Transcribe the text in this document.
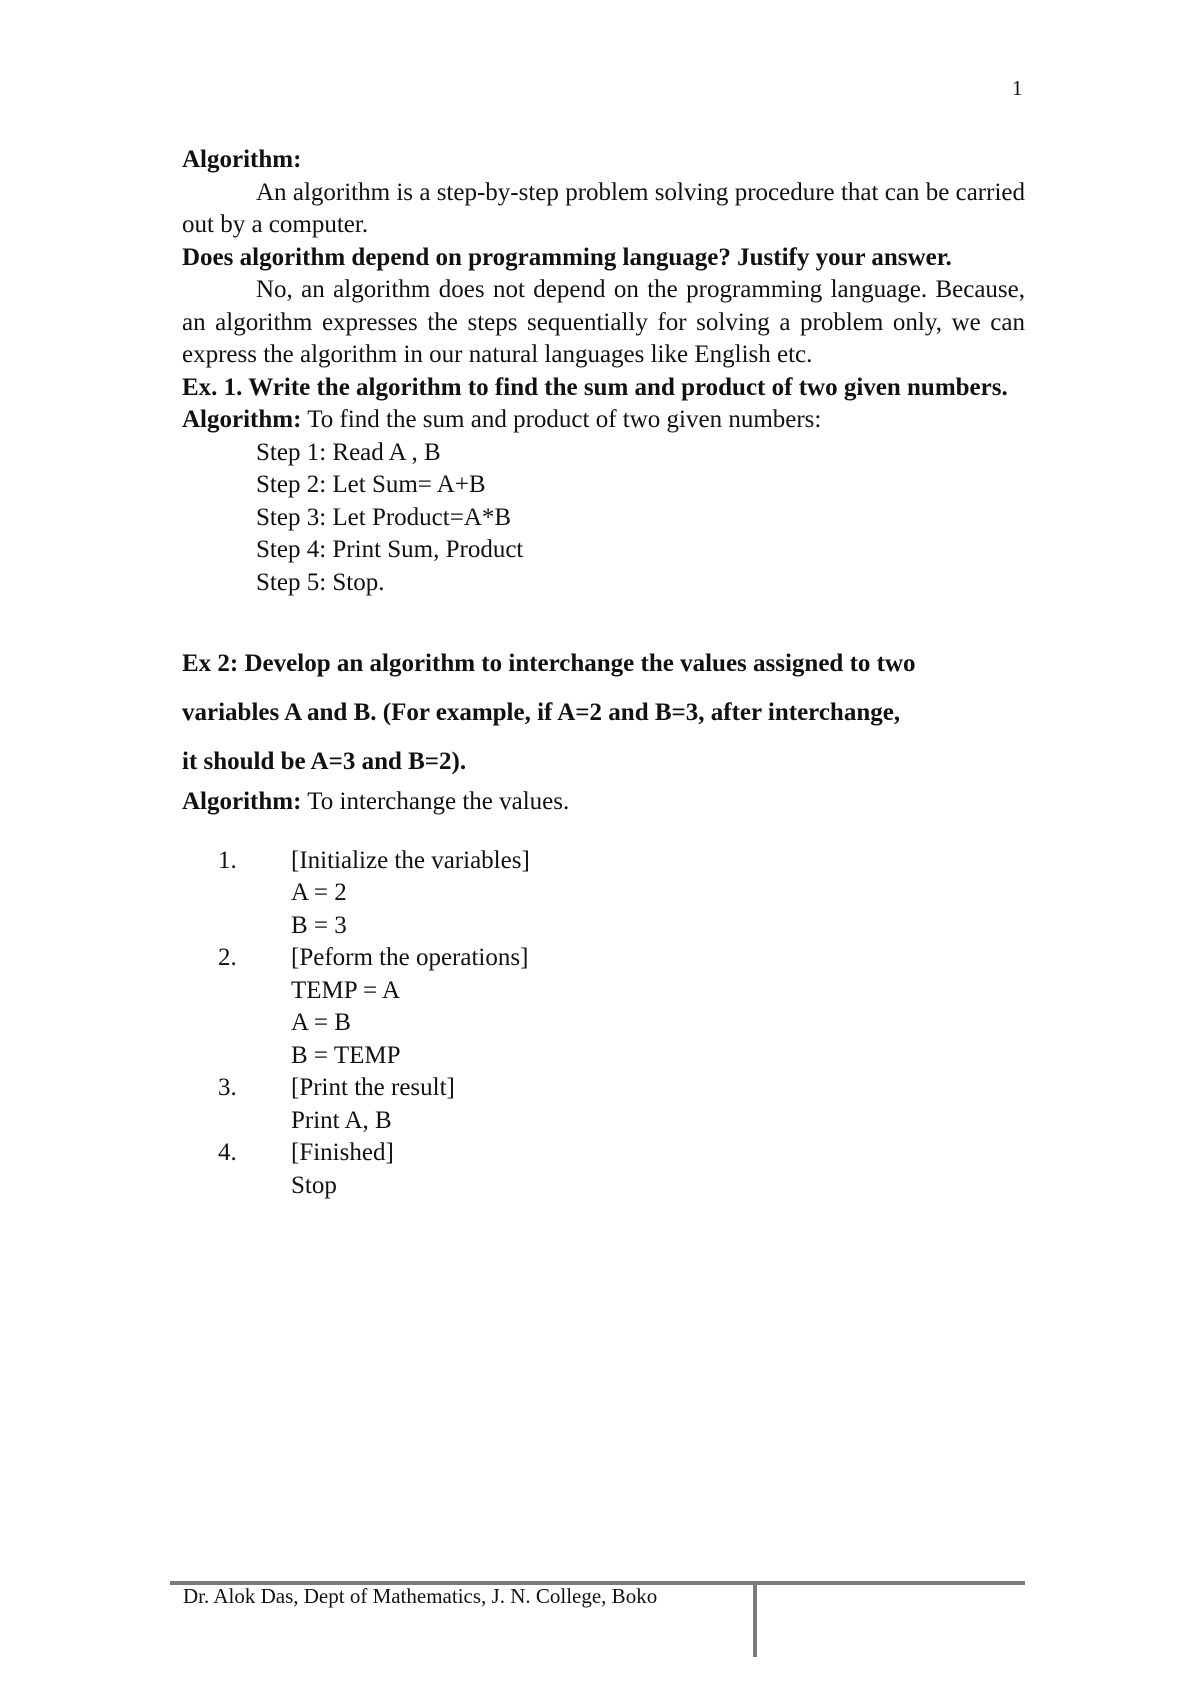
1

Algorithm:

An algorithm is a step-by-step problem solving procedure that can be carried out by a computer.

Does algorithm depend on programming language? Justify your answer.

No, an algorithm does not depend on the programming language. Because, an algorithm expresses the steps sequentially for solving a problem only, we can express the algorithm in our natural languages like English etc.

Ex. 1. Write the algorithm to find the sum and product of two given numbers.

Algorithm: To find the sum and product of two given numbers:

Step 1: Read A , B
Step 2: Let Sum= A+B
Step 3: Let Product=A*B
Step 4: Print Sum, Product
Step 5: Stop.
Ex 2: Develop an algorithm to interchange the values assigned to two
variables A and B. (For example, if A=2 and B=3, after interchange,
it should be A=3 and B=2).

Algorithm: To interchange the values.

1.	[Initialize the variables]
A = 2
B = 3
2.	[Peform the operations]
TEMP = A
A = B
B = TEMP
3.	[Print the result]
Print A, B
4.	[Finished]
Stop
Dr. Alok Das, Dept of Mathematics, J. N. College, Boko
